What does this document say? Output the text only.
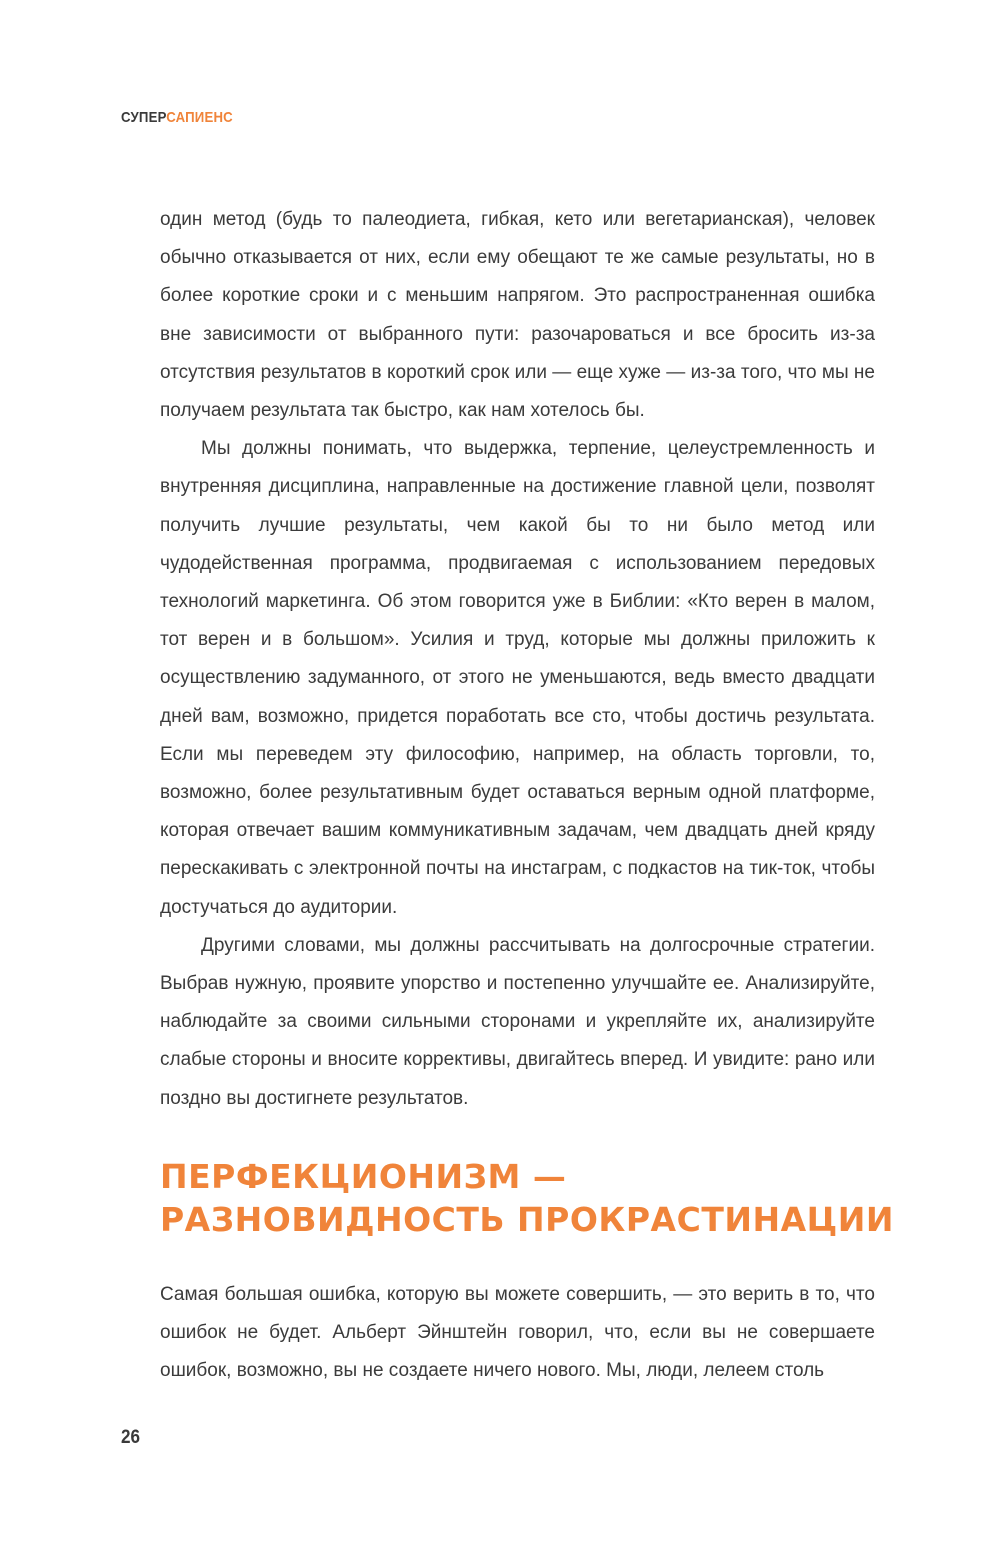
СУПЕРСАПИЕНС

один метод (будь то палеодиета, гибкая, кето или вегетарианская), человек обычно отказывается от них, если ему обещают те же самые результаты, но в более короткие сроки и с меньшим напрягом. Это распространенная ошибка вне зависимости от выбранного пути: разочароваться и все бросить из-за отсутствия результатов в короткий срок или — еще хуже — из-за того, что мы не получаем результата так быстро, как нам хотелось бы.

Мы должны понимать, что выдержка, терпение, целеустремленность и внутренняя дисциплина, направленные на достижение главной цели, позволят получить лучшие результаты, чем какой бы то ни было метод или чудодейственная программа, продвигаемая с использованием передовых технологий маркетинга. Об этом говорится уже в Библии: «Кто верен в малом, тот верен и в большом». Усилия и труд, которые мы должны приложить к осуществлению задуманного, от этого не уменьшаются, ведь вместо двадцати дней вам, возможно, придется поработать все сто, чтобы достичь результата. Если мы переведем эту философию, например, на область торговли, то, возможно, более результативным будет оставаться верным одной платформе, которая отвечает вашим коммуникативным задачам, чем двадцать дней кряду перескакивать с электронной почты на инстаграм, с подкастов на тик-ток, чтобы достучаться до аудитории.

Другими словами, мы должны рассчитывать на долгосрочные стратегии. Выбрав нужную, проявите упорство и постепенно улучшайте ее. Анализируйте, наблюдайте за своими сильными сторонами и укрепляйте их, анализируйте слабые стороны и вносите коррективы, двигайтесь вперед. И увидите: рано или поздно вы достигнете результатов.

ПЕРФЕКЦИОНИЗМ —
РАЗНОВИДНОСТЬ ПРОКРАСТИНАЦИИ

Самая большая ошибка, которую вы можете совершить, — это верить в то, что ошибок не будет. Альберт Эйнштейн говорил, что, если вы не совершаете ошибок, возможно, вы не создаете ничего нового. Мы, люди, лелеем столь

26
